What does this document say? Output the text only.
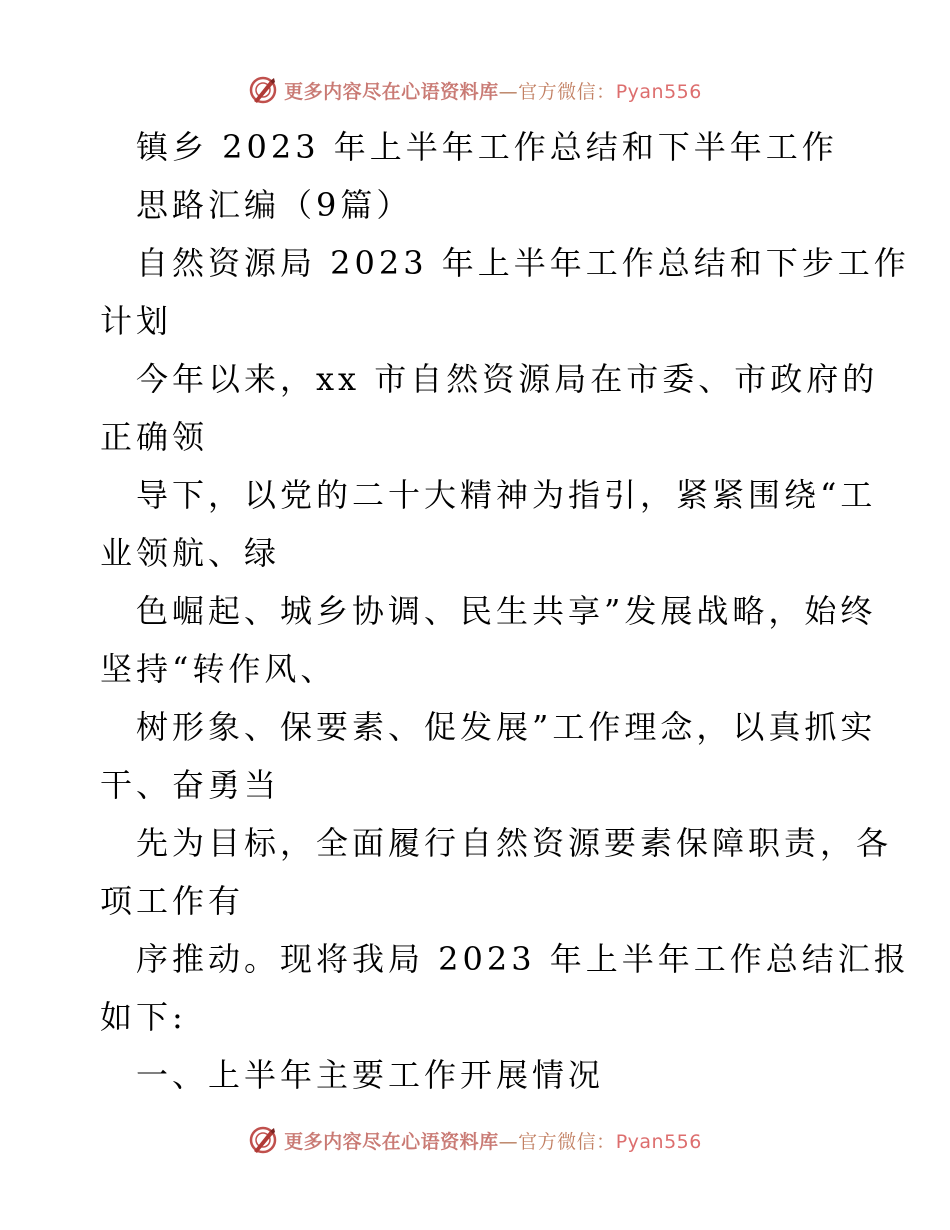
更多内容尽在心语资料库—官方微信：Pyan556
镇乡 2023 年上半年工作总结和下半年工作
思路汇编（9篇）
自然资源局 2023 年上半年工作总结和下步工作
计划
今年以来，xx 市自然资源局在市委、市政府的
正确领
导下，以党的二十大精神为指引，紧紧围绕“工
业领航、绿
色崛起、城乡协调、民生共享”发展战略，始终
坚持“转作风、
树形象、保要素、促发展”工作理念，以真抓实
干、奋勇当
先为目标，全面履行自然资源要素保障职责，各
项工作有
序推动。现将我局 2023 年上半年工作总结汇报
如下:
一、上半年主要工作开展情况
更多内容尽在心语资料库—官方微信：Pyan556
